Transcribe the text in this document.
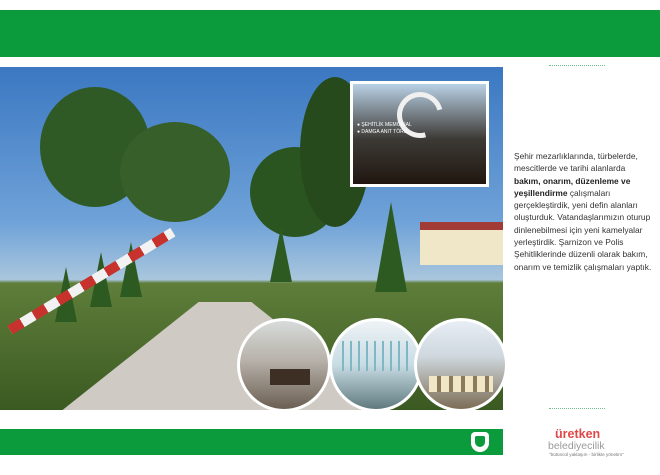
● ŞEHİTLİK MEMORİAL
● DAMGA ANIT TÖRÜ

Şehir mezarlıklarında, türbelerde, mescitlerde ve tarihi alanlarda bakım, onarım, düzenleme ve yeşillendirme çalışmaları gerçekleştirdik, yeni defin alanları oluşturduk. Vatandaşlarımızın oturup dinlenebilmesi için yeni kamelyalar yerleştirdik. Şarnizon ve Polis Şehitliklerinde düzenli olarak bakım, onarım ve temizlik çalışmaları yaptık.

üretken

belediyecilik

"bütüncül yaklaşım - birlikte yönetim"
